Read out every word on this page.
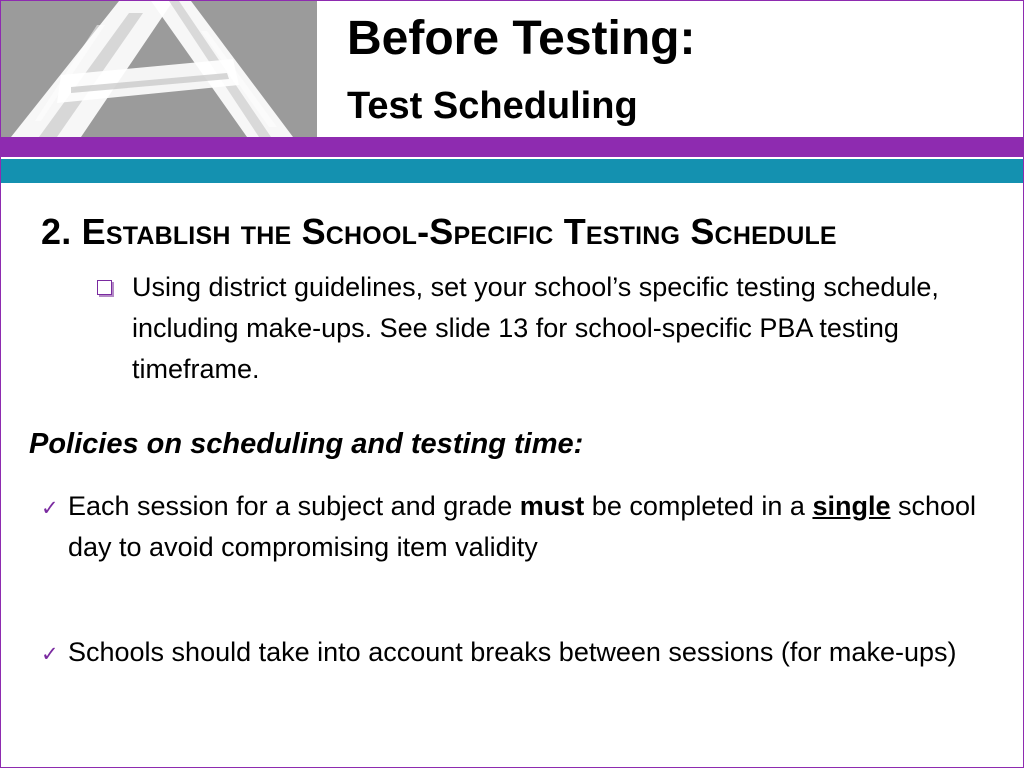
Before Testing:
Test Scheduling
2. Establish the School-Specific Testing Schedule
Using district guidelines, set your school’s specific testing schedule, including make-ups. See slide 13 for school-specific PBA testing timeframe.
Policies on scheduling and testing time:
✓ Each session for a subject and grade must be completed in a single school day to avoid compromising item validity
✓ Schools should take into account breaks between sessions (for make-ups)
